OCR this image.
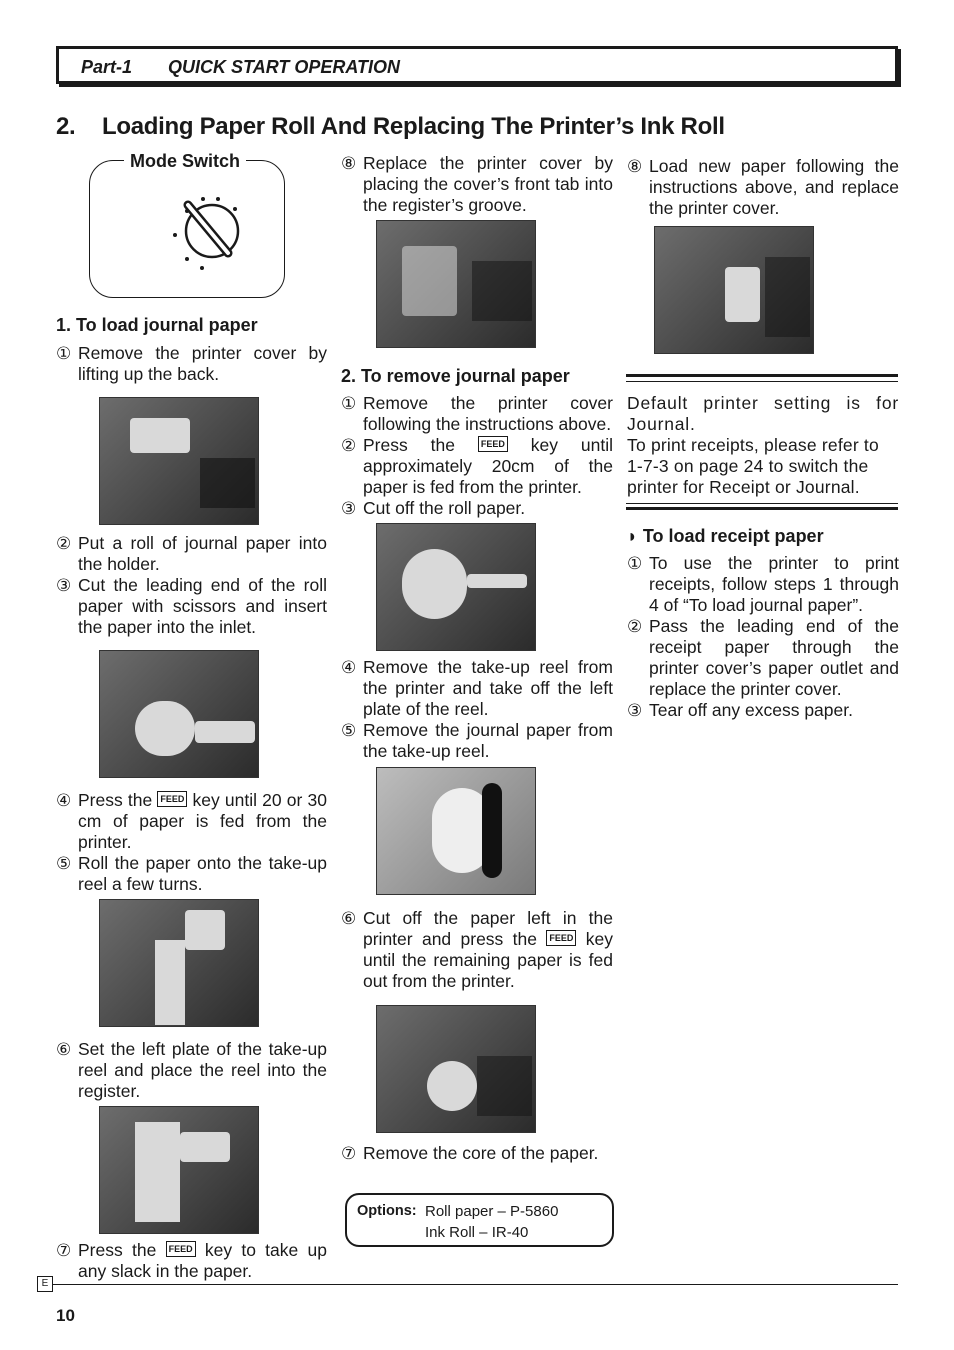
Part-1 QUICK START OPERATION
2. Loading Paper Roll And Replacing The Printer’s Ink Roll
Mode Switch

1. To load journal paper

① Remove the printer cover by lifting up the back.
② Put a roll of journal paper into the holder.
③ Cut the leading end of the roll paper with scissors and insert the paper into the inlet.
④ Press the FEED key until 20 or 30 cm of paper is fed from the printer.
⑤ Roll the paper onto the take-up reel a few turns.
⑥ Set the left plate of the take-up reel and place the reel into the register.
⑦ Press the FEED key to take up any slack in the paper.
⑧ Replace the printer cover by placing the cover’s front tab into the register’s groove.

2. To remove journal paper

① Remove the printer cover following the instructions above.
② Press the	FEED key until approximately 20cm of the paper is fed from the printer.
③ Cut off the roll paper.
④ Remove the take-up reel from the printer and take off the left plate of the reel.
⑤ Remove the journal paper from the take-up reel.
⑥ Cut off the paper left in the printer and press the FEED key until the remaining paper is fed out from the printer.
⑦ Remove the core of the paper.
Options: Roll paper – P-5860
Ink Roll – IR-40
⑧ Load new paper following the instructions above, and replace the printer cover.
Default printer setting is for Journal.
To print receipts, please refer to 1-7-3 on page 24 to switch the printer for Receipt or Journal.

◗ To load receipt paper

① To use the printer to print receipts, follow steps 1 through 4 of “To load journal paper”.
② Pass the leading end of the receipt paper through the printer cover’s paper outlet and replace the printer cover.
③ Tear off any excess paper.
E
10
